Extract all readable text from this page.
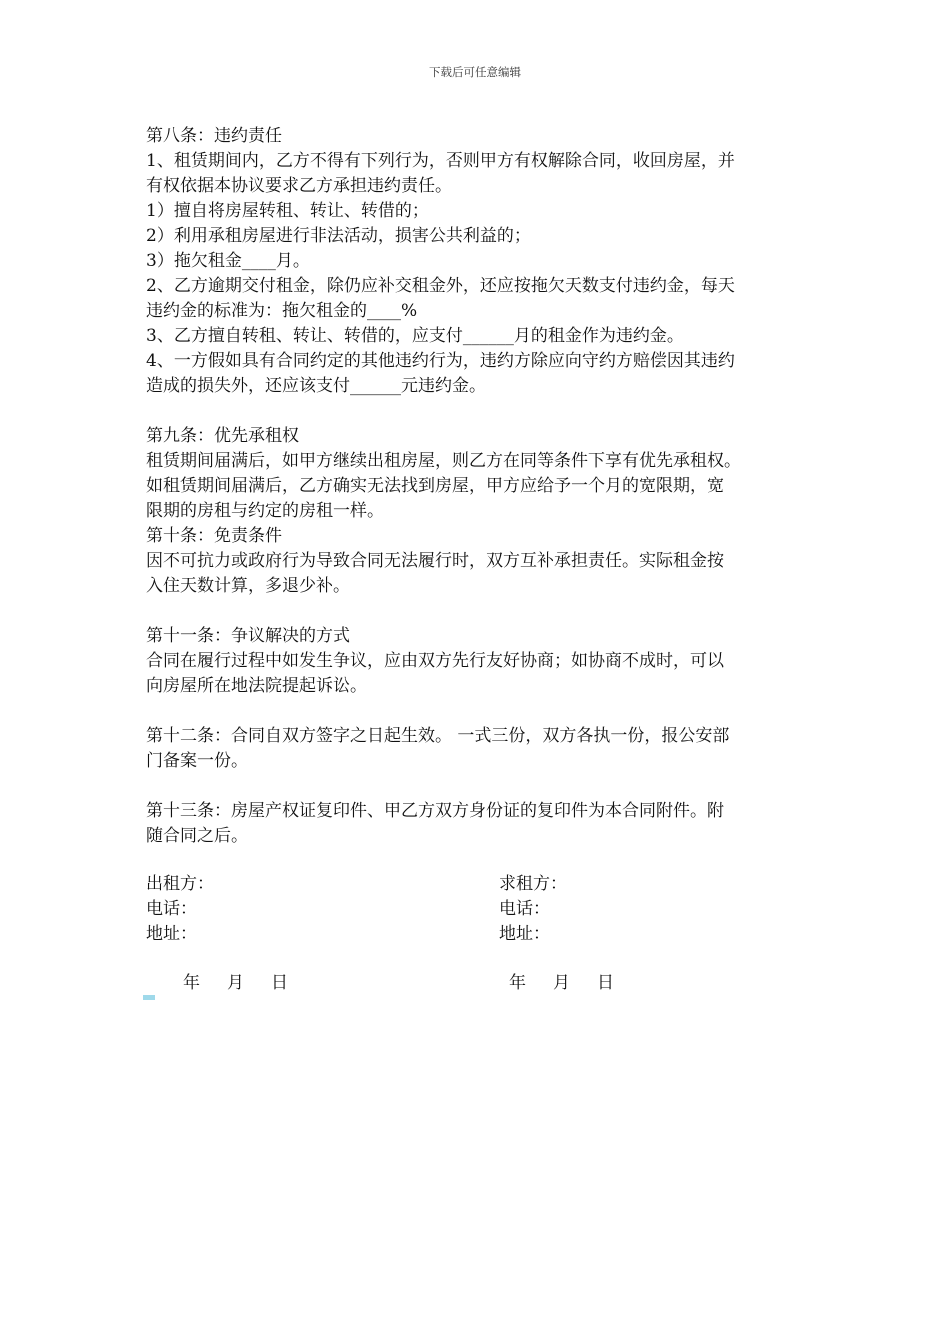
下载后可任意编辑
第八条：违约责任
1、租赁期间内，乙方不得有下列行为，否则甲方有权解除合同，收回房屋，并
有权依据本协议要求乙方承担违约责任。
1）擅自将房屋转租、转让、转借的；
2）利用承租房屋进行非法活动，损害公共利益的；
3）拖欠租金____月。
2、乙方逾期交付租金，除仍应补交租金外，还应按拖欠天数支付违约金，每天
违约金的标准为：拖欠租金的____%
3、乙方擅自转租、转让、转借的，应支付______月的租金作为违约金。
4、一方假如具有合同约定的其他违约行为，违约方除应向守约方赔偿因其违约
造成的损失外，还应该支付______元违约金。
第九条：优先承租权
租赁期间届满后，如甲方继续出租房屋，则乙方在同等条件下享有优先承租权。
如租赁期间届满后，乙方确实无法找到房屋，甲方应给予一个月的宽限期，宽
限期的房租与约定的房租一样。
第十条：免责条件
因不可抗力或政府行为导致合同无法履行时，双方互补承担责任。实际租金按
入住天数计算，多退少补。
第十一条：争议解决的方式
合同在履行过程中如发生争议，应由双方先行友好协商；如协商不成时，可以
向房屋所在地法院提起诉讼。
第十二条：合同自双方签字之日起生效。 一式三份，双方各执一份，报公安部
门备案一份。
第十三条：房屋产权证复印件、甲乙方双方身份证的复印件为本合同附件。附
随合同之后。
出租方：	求租方：
电话：	电话：
地址：	地址：
年     月     日	年     月     日
